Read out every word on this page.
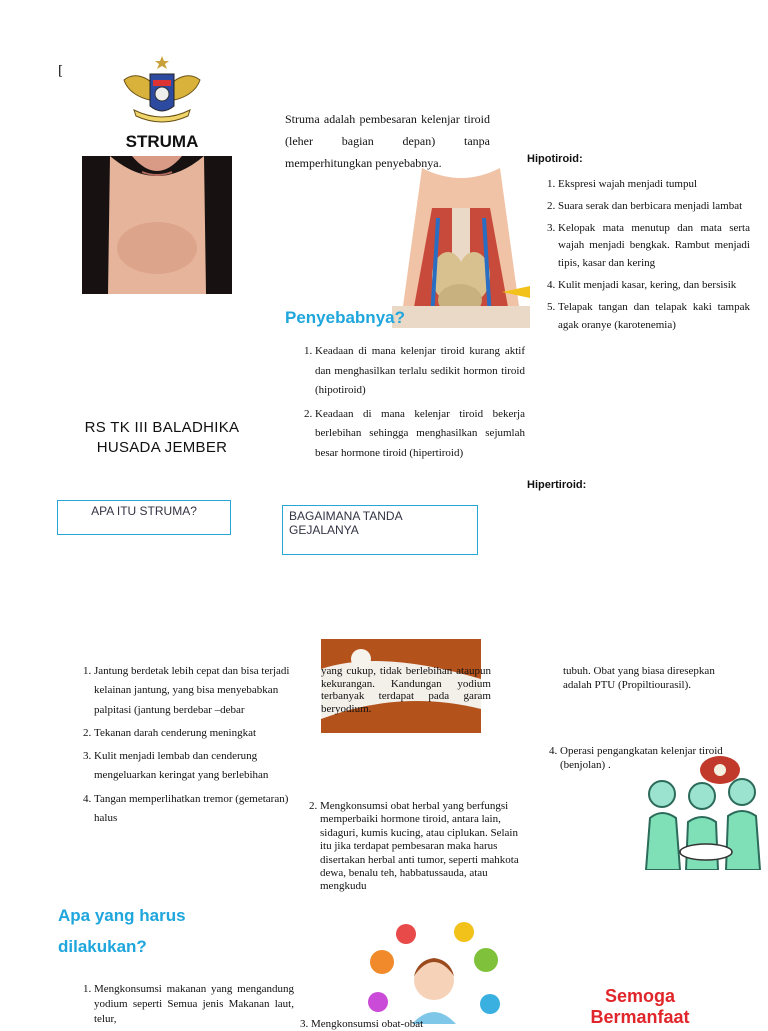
[
STRUMA
RS TK III BALADHIKA HUSADA JEMBER
APA ITU STRUMA?
Struma adalah pembesaran kelenjar tiroid (leher bagian depan) tanpa memperhitungkan penyebabnya.
Penyebabnya?
1. Keadaan di mana kelenjar tiroid kurang aktif dan menghasilkan terlalu sedikit hormon tiroid (hipotiroid)
2. Keadaan di mana kelenjar tiroid bekerja berlebihan sehingga menghasilkan sejumlah besar hormone tiroid (hipertiroid)
BAGAIMANA TANDA GEJALANYA
Hipotiroid:
1. Ekspresi wajah menjadi tumpul
2. Suara serak dan berbicara menjadi lambat
3. Kelopak mata menutup dan mata serta wajah menjadi bengkak. Rambut menjadi tipis, kasar dan kering
4. Kulit menjadi kasar, kering, dan bersisik
5. Telapak tangan dan telapak kaki tampak agak oranye (karotenemia)
Hipertiroid:
1. Jantung berdetak lebih cepat dan bisa terjadi kelainan jantung, yang bisa menyebabkan palpitasi (jantung berdebar –debar
2. Tekanan darah cenderung meningkat
3. Kulit menjadi lembab dan cenderung mengeluarkan keringat yang berlebihan
4. Tangan memperlihatkan tremor (gemetaran) halus
Apa yang harus dilakukan?
1. Mengkonsumsi makanan yang mengandung yodium seperti Semua jenis Makanan laut, telur,
yang cukup, tidak berlebihan ataupun kekurangan. Kandungan yodium terbanyak terdapat pada garam beryodium.
2. Mengkonsumsi obat herbal yang berfungsi memperbaiki hormone tiroid, antara lain, sidaguri, kumis kucing, atau ciplukan. Selain itu jika terdapat pembesaran maka harus disertakan herbal anti tumor, seperti mahkota dewa, benalu teh, habbatussauda, atau mengkudu
3. Mengkonsumsi obat-obat
tubuh. Obat yang biasa diresepkan adalah PTU (Propiltiourasil).
4. Operasi pengangkatan kelenjar tiroid (benjolan) .
Semoga Bermanfaat
